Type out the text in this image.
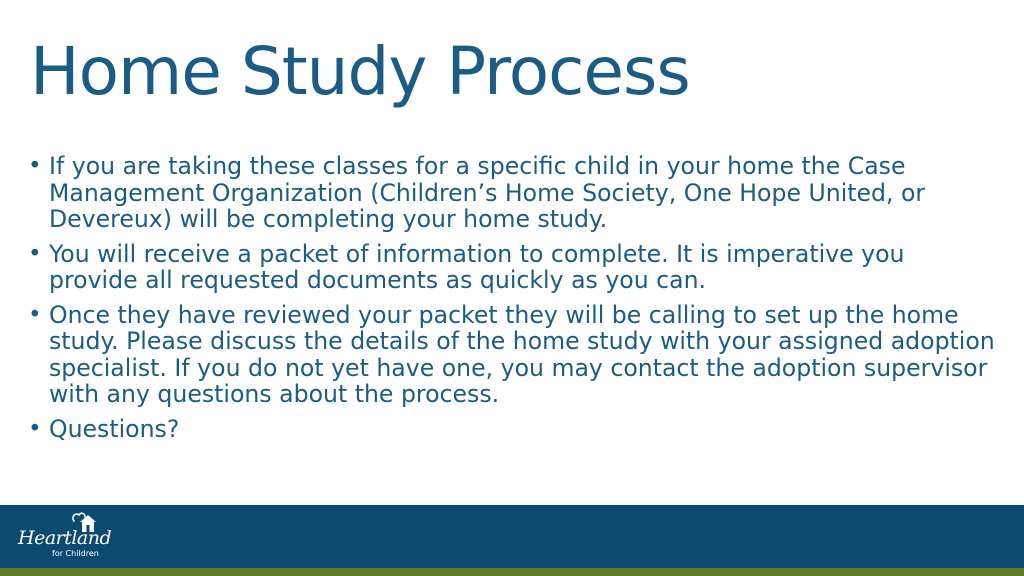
Home Study Process
• If you are taking these classes for a specific child in your home the Case Management Organization (Children’s Home Society, One Hope United, or Devereux) will be completing your home study.
• You will receive a packet of information to complete. It is imperative you provide all requested documents as quickly as you can.
• Once they have reviewed your packet they will be calling to set up the home study. Please discuss the details of the home study with your assigned adoption specialist. If you do not yet have one, you may contact the adoption supervisor with any questions about the process.
• Questions?
Heartland
for Children
